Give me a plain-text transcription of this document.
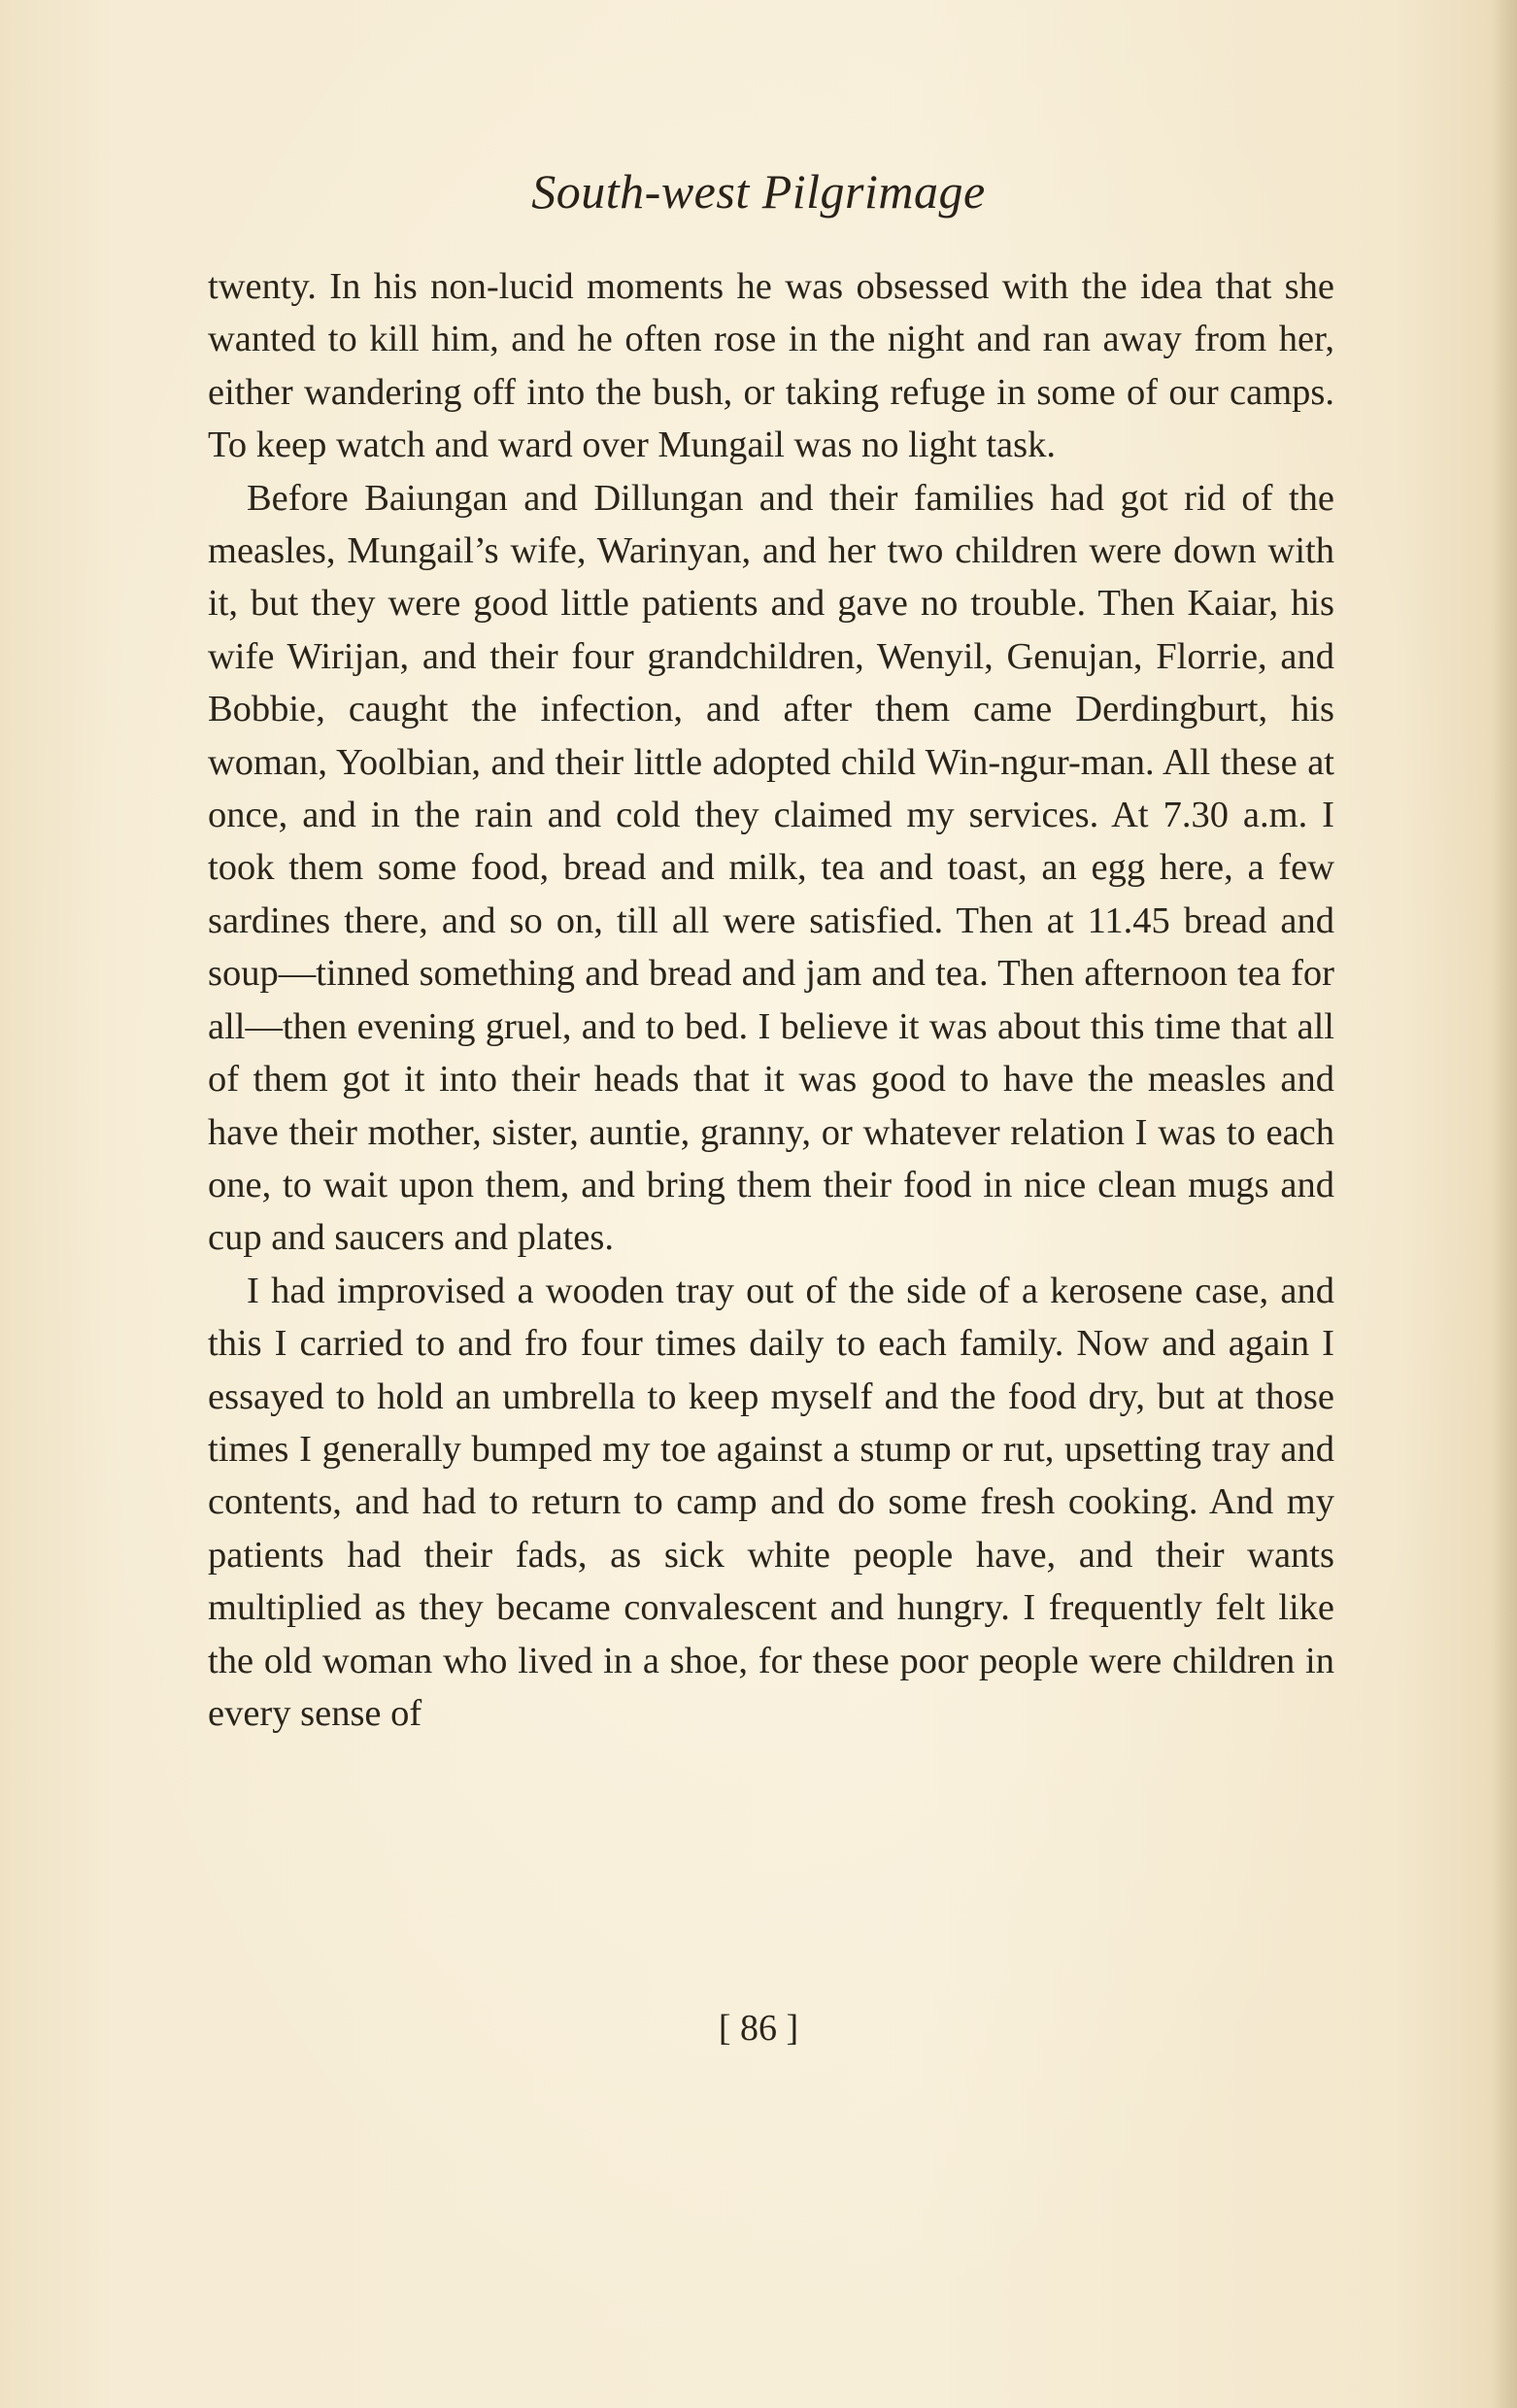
South-west Pilgrimage

twenty. In his non-lucid moments he was obsessed with the idea that she wanted to kill him, and he often rose in the night and ran away from her, either wandering off into the bush, or taking refuge in some of our camps. To keep watch and ward over Mungail was no light task.

Before Baiungan and Dillungan and their families had got rid of the measles, Mungail’s wife, Warinyan, and her two children were down with it, but they were good little patients and gave no trouble. Then Kaiar, his wife Wirijan, and their four grandchildren, Wenyil, Genujan, Florrie, and Bobbie, caught the infection, and after them came Derdingburt, his woman, Yoolbian, and their little adopted child Win-ngur-man. All these at once, and in the rain and cold they claimed my services. At 7.30 a.m. I took them some food, bread and milk, tea and toast, an egg here, a few sardines there, and so on, till all were satisfied. Then at 11.45 bread and soup—tinned something and bread and jam and tea. Then afternoon tea for all—then evening gruel, and to bed. I believe it was about this time that all of them got it into their heads that it was good to have the measles and have their mother, sister, auntie, granny, or whatever relation I was to each one, to wait upon them, and bring them their food in nice clean mugs and cup and saucers and plates.

I had improvised a wooden tray out of the side of a kerosene case, and this I carried to and fro four times daily to each family. Now and again I essayed to hold an umbrella to keep myself and the food dry, but at those times I generally bumped my toe against a stump or rut, upsetting tray and contents, and had to return to camp and do some fresh cooking. And my patients had their fads, as sick white people have, and their wants multiplied as they became convalescent and hungry. I frequently felt like the old woman who lived in a shoe, for these poor people were children in every sense of

[ 86 ]
